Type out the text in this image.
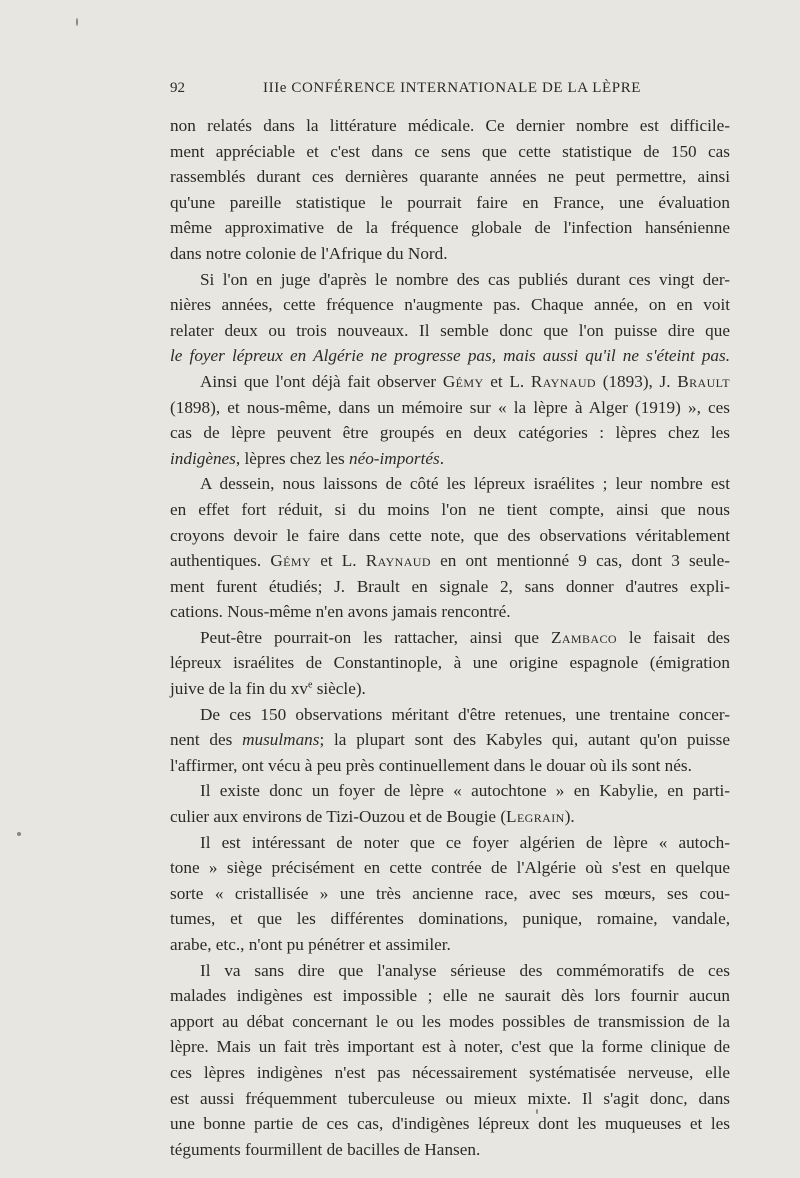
92	IIIe CONFÉRENCE INTERNATIONALE DE LA LÈPRE
non relatés dans la littérature médicale. Ce dernier nombre est difficile-
ment appréciable et c'est dans ce sens que cette statistique de 150 cas
rassemblés durant ces dernières quarante années ne peut permettre, ainsi
qu'une pareille statistique le pourrait faire en France, une évaluation
même approximative de la fréquence globale de l'infection hansénienne
dans notre colonie de l'Afrique du Nord.
Si l'on en juge d'après le nombre des cas publiés durant ces vingt der-
nières années, cette fréquence n'augmente pas. Chaque année, on en voit
relater deux ou trois nouveaux. Il semble donc que l'on puisse dire que
le foyer lépreux en Algérie ne progresse pas, mais aussi qu'il ne s'éteint pas.
Ainsi que l'ont déjà fait observer Gémy et L. Raynaud (1893), J. Brault
(1898), et nous-même, dans un mémoire sur « la lèpre à Alger (1919) », ces
cas de lèpre peuvent être groupés en deux catégories : lèpres chez les
indigènes, lèpres chez les néo-importés.
A dessein, nous laissons de côté les lépreux israélites ; leur nombre est
en effet fort réduit, si du moins l'on ne tient compte, ainsi que nous
croyons devoir le faire dans cette note, que des observations véritablement
authentiques. Gémy et L. Raynaud en ont mentionné 9 cas, dont 3 seule-
ment furent étudiés; J. Brault en signale 2, sans donner d'autres expli-
cations. Nous-même n'en avons jamais rencontré.
Peut-être pourrait-on les rattacher, ainsi que Zambaco le faisait des
lépreux israélites de Constantinople, à une origine espagnole (émigration
juive de la fin du $xv^e$ siècle).
De ces 150 observations méritant d'être retenues, une trentaine concer-
nent des musulmans; la plupart sont des Kabyles qui, autant qu'on puisse
l'affirmer, ont vécu à peu près continuellement dans le douar où ils sont nés.
Il existe donc un foyer de lèpre « autochtone » en Kabylie, en parti-
culier aux environs de Tizi-Ouzou et de Bougie (Legrain).
Il est intéressant de noter que ce foyer algérien de lèpre « autoch-
tone » siège précisément en cette contrée de l'Algérie où s'est en quelque
sorte « cristallisée » une très ancienne race, avec ses mœurs, ses cou-
tumes, et que les différentes dominations, punique, romaine, vandale,
arabe, etc., n'ont pu pénétrer et assimiler.
Il va sans dire que l'analyse sérieuse des commémoratifs de ces
malades indigènes est impossible ; elle ne saurait dès lors fournir aucun
apport au débat concernant le ou les modes possibles de transmission de la
lèpre. Mais un fait très important est à noter, c'est que la forme clinique de
ces lèpres indigènes n'est pas nécessairement systématisée nerveuse, elle
est aussi fréquemment tuberculeuse ou mieux mixte. Il s'agit donc, dans
une bonne partie de ces cas, d'indigènes lépreux dont les muqueuses et les
téguments fourmillent de bacilles de Hansen.
